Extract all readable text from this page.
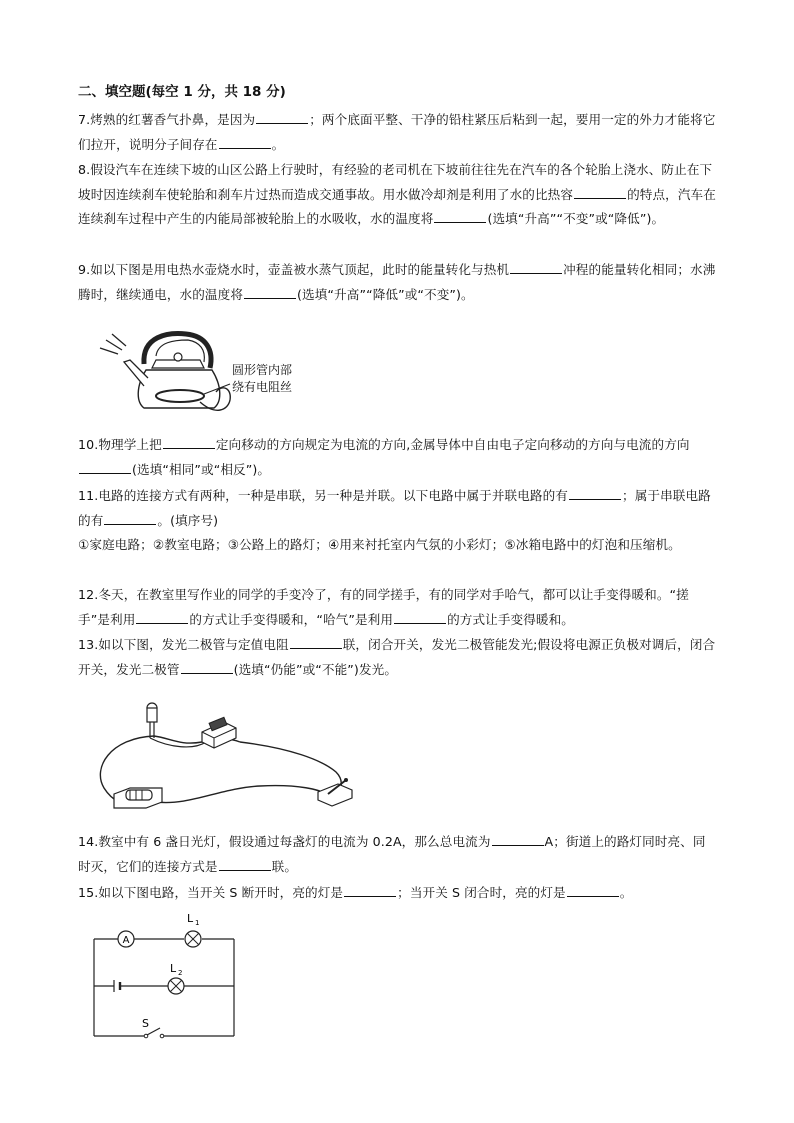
二、填空题(每空 1 分，共 18 分)
7.烤熟的红薯香气扑鼻，是因为	；两个底面平整、干净的铅柱紧压后粘到一起，要用一定的外力才能将它们拉开，说明分子间存在	。
8.假设汽车在连续下坡的山区公路上行驶时，有经验的老司机在下坡前往往先在汽车的各个轮胎上浇水、防止在下坡时因连续刹车使轮胎和刹车片过热而造成交通事故。用水做冷却剂是利用了水的比热容	的特点，汽车在连续刹车过程中产生的内能局部被轮胎上的水吸收，水的温度将	(选填“升高”“不变”或“降低”)。
9.如以下图是用电热水壶烧水时，壶盖被水蒸气顶起，此时的能量转化与热机	冲程的能量转化相同；水沸腾时，继续通电，水的温度将	(选填“升高”“降低”或“不变”)。
圆形管内部
绕有电阻丝
10.物理学上把	定向移动的方向规定为电流的方向,金属导体中自由电子定向移动的方向与电流的方向(选填“相同”或“相反”)。
11.电路的连接方式有两种，一种是串联，另一种是并联。以下电路中属于并联电路的有	；属于串联电路的有	。(填序号)
①家庭电路；②教室电路；③公路上的路灯；④用来衬托室内气氛的小彩灯；⑤冰箱电路中的灯泡和压缩机。
12.冬天，在教室里写作业的同学的手变冷了，有的同学搓手，有的同学对手哈气，都可以让手变得暖和。“搓手”是利用	的方式让手变得暖和，“哈气”是利用	的方式让手变得暖和。
13.如以下图，发光二极管与定值电阻	联，闭合开关，发光二极管能发光;假设将电源正负极对调后，闭合开关，发光二极管	(选填“仍能”或“不能”)发光。
14.教室中有 6 盏日光灯，假设通过每盏灯的电流为 0.2A，那么总电流为	A；街道上的路灯同时亮、同时灭，它们的连接方式是	联。
15.如以下图电路，当开关 S 断开时，亮的灯是	；当开关 S 闭合时，亮的灯是	。
A
L 1
L 2
S
